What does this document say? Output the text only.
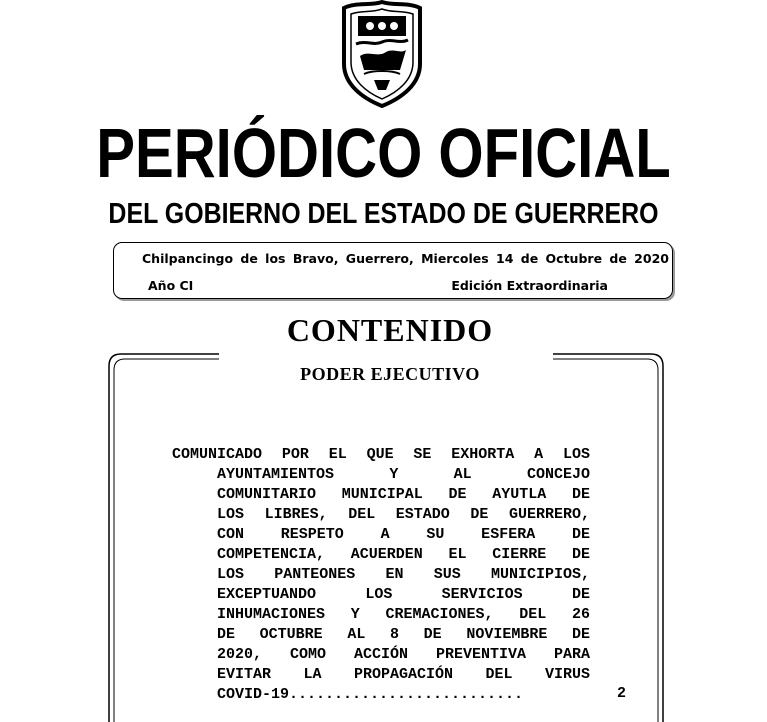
PERIÓDICO OFICIAL
DEL GOBIERNO DEL ESTADO DE GUERRERO
Chilpancingo de los Bravo, Guerrero, Miercoles 14 de Octubre de 2020
Año CI	Edición Extraordinaria
CONTENIDO
PODER EJECUTIVO
COMUNICADO POR EL QUE SE EXHORTA A LOS
AYUNTAMIENTOS Y AL CONCEJO
COMUNITARIO MUNICIPAL DE AYUTLA DE
LOS LIBRES, DEL ESTADO DE GUERRERO,
CON RESPETO A SU ESFERA DE
COMPETENCIA, ACUERDEN EL CIERRE DE
LOS PANTEONES EN SUS MUNICIPIOS,
EXCEPTUANDO LOS SERVICIOS DE
INHUMACIONES Y CREMACIONES, DEL 26
DE OCTUBRE AL 8 DE NOVIEMBRE DE
2020, COMO ACCIÓN PREVENTIVA PARA
EVITAR LA PROPAGACIÓN DEL VIRUS
COVID-19..........................	2
